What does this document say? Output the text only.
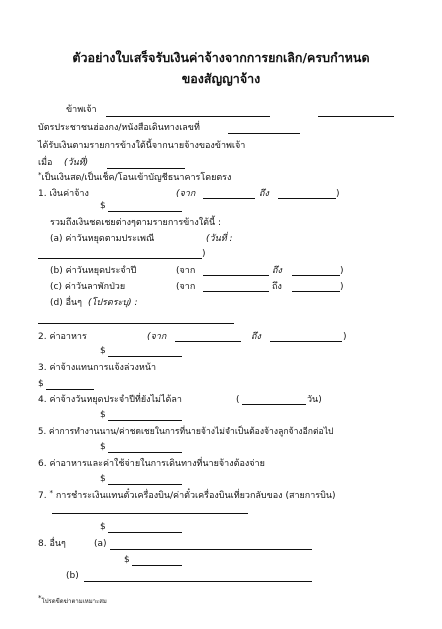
ตัวอย่างใบเสร็จรับเงินค่าจ้างจากการยกเลิก/ครบกำหนด
ของสัญญาจ้าง
ข้าพเจ้า
บัตรประชาชนฮ่องกง/หนังสือเดินทางเลขที่
ได้รับเงินตามรายการข้างใต้นี้จากนายจ้างของข้าพเจ้า
เมื่อ (วันที่)
*เป็นเงินสด/เป็นเช็ค/โอนเข้าบัญชีธนาคารโดยตรง
1. เงินค่าจ้าง	(จาก	ถึง	)
$
รวมถึงเงินชดเชยต่างๆตามรายการข้างใต้นี้ :
(a) ค่าวันหยุดตามประเพณี	(วันที่ :
)
(b) ค่าวันหยุดประจำปี	(จาก	ถึง	)
(c) ค่าวันลาพักป่วย	(จาก	ถึง	)
(d) อื่นๆ (โปรดระบุ) :
2. ค่าอาหาร	(จาก	ถึง	)
$
3. ค่าจ้างแทนการแจ้งล่วงหน้า
$
4. ค่าจ้างวันหยุดประจำปีที่ยังไม่ได้ลา	(	วัน)
$
5. ค่าการทำงานนาน/ค่าชดเชยในการที่นายจ้างไม่จำเป็นต้องจ้างลูกจ้างอีกต่อไป
$
6. ค่าอาหารและค่าใช้จ่ายในการเดินทางที่นายจ้างต้องจ่าย
$
7. * การชำระเงินแทนตั๋วเครื่องบิน/ค่าตั๋วเครื่องบินเที่ยวกลับของ (สายการบิน)
$
8. อื่นๆ	(a)
$
(b)
*โปรดขีดฆ่าตามเหมาะสม
